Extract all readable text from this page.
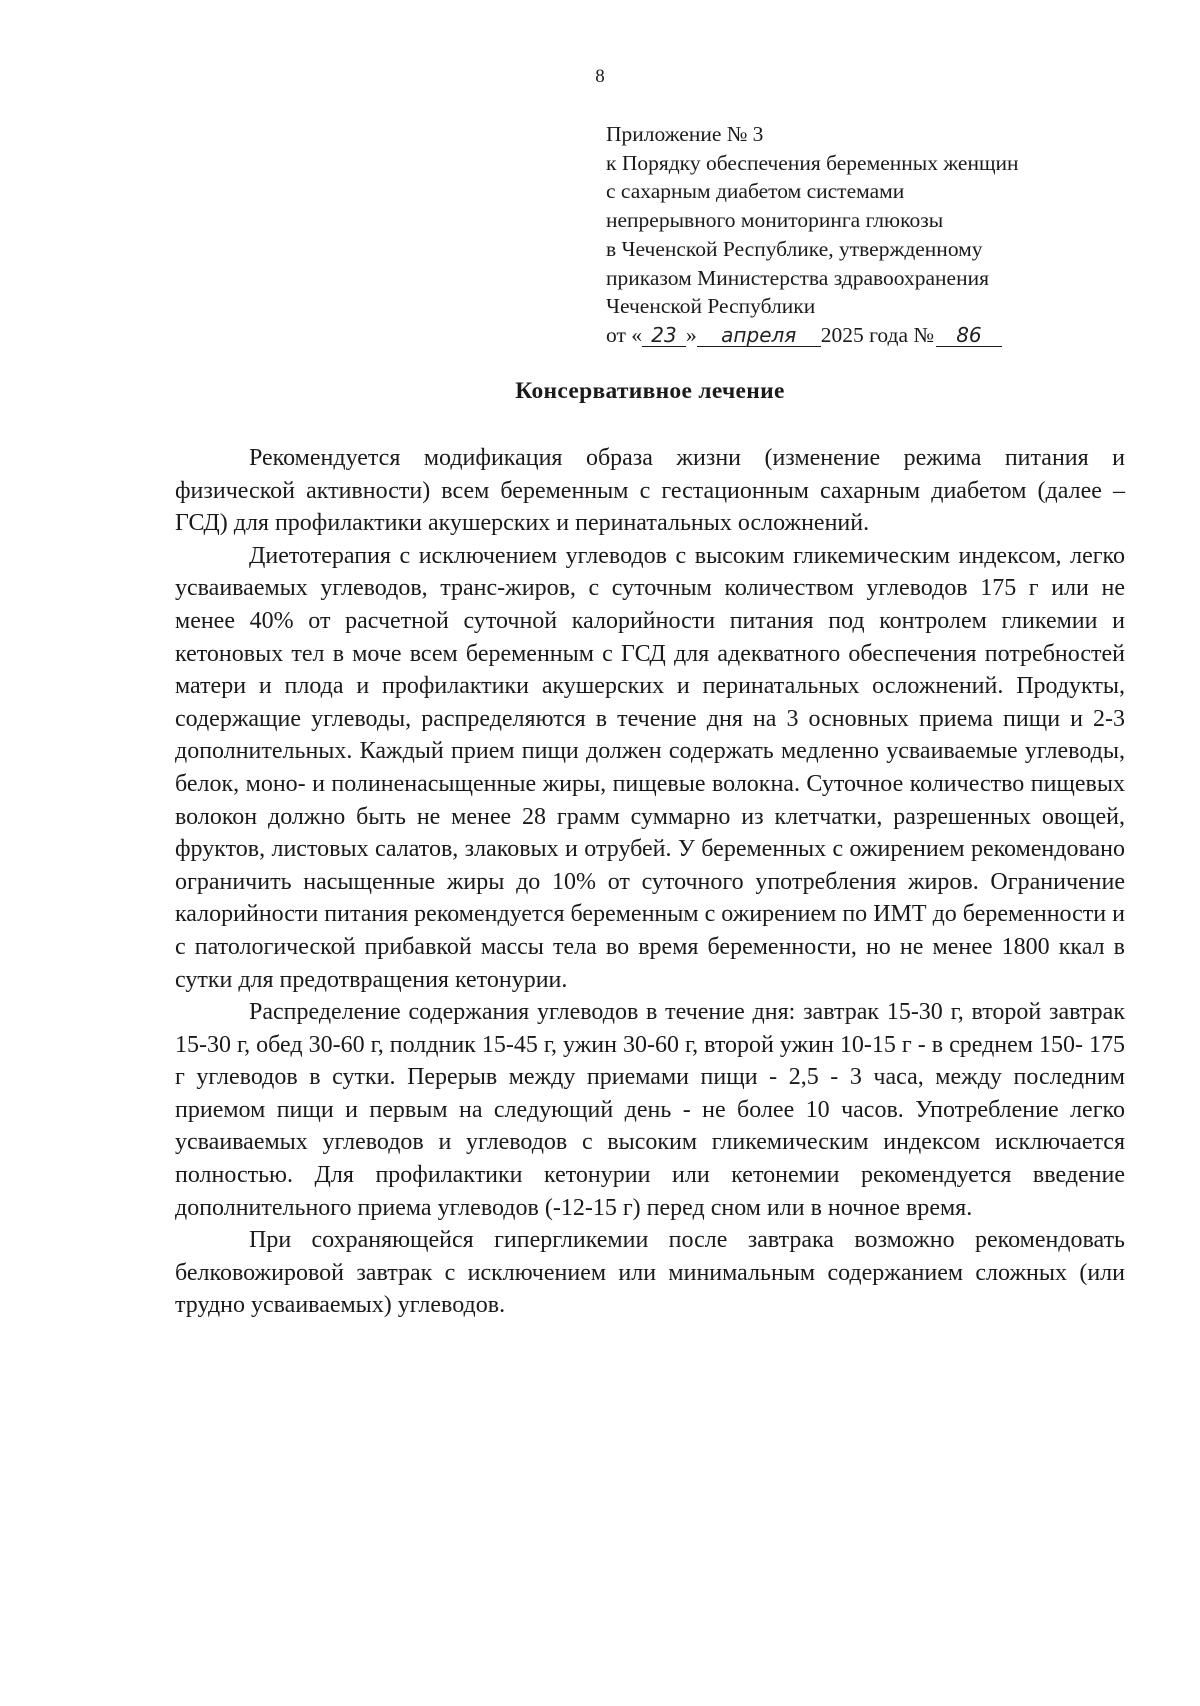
8
Приложение № 3
к Порядку обеспечения беременных женщин
с сахарным диабетом системами
непрерывного мониторинга глюкозы
в Чеченской Республике, утвержденному
приказом Министерства здравоохранения
Чеченской Республики
от « 23 » апреля 2025 года № 86
Консервативное лечение

Рекомендуется модификация образа жизни (изменение режима питания и физической активности) всем беременным с гестационным сахарным диабетом (далее – ГСД) для профилактики акушерских и перинатальных осложнений.

Диетотерапия с исключением углеводов с высоким гликемическим индексом, легко усваиваемых углеводов, транс-жиров, с суточным количеством углеводов 175 г или не менее 40% от расчетной суточной калорийности питания под контролем гликемии и кетоновых тел в моче всем беременным с ГСД для адекватного обеспечения потребностей матери и плода и профилактики акушерских и перинатальных осложнений. Продукты, содержащие углеводы, распределяются в течение дня на 3 основных приема пищи и 2-3 дополнительных. Каждый прием пищи должен содержать медленно усваиваемые углеводы, белок, моно- и полиненасыщенные жиры, пищевые волокна. Суточное количество пищевых волокон должно быть не менее 28 грамм суммарно из клетчатки, разрешенных овощей, фруктов, листовых салатов, злаковых и отрубей. У беременных с ожирением рекомендовано ограничить насыщенные жиры до 10% от суточного употребления жиров. Ограничение калорийности питания рекомендуется беременным с ожирением по ИМТ до беременности и с патологической прибавкой массы тела во время беременности, но не менее 1800 ккал в сутки для предотвращения кетонурии.

Распределение содержания углеводов в течение дня: завтрак 15-30 г, второй завтрак 15-30 г, обед 30-60 г, полдник 15-45 г, ужин 30-60 г, второй ужин 10-15 г - в среднем 150- 175 г углеводов в сутки. Перерыв между приемами пищи - 2,5 - 3 часа, между последним приемом пищи и первым на следующий день - не более 10 часов. Употребление легко усваиваемых углеводов и углеводов с высоким гликемическим индексом исключается полностью. Для профилактики кетонурии или кетонемии рекомендуется введение дополнительного приема углеводов (-12-15 г) перед сном или в ночное время.

При сохраняющейся гипергликемии после завтрака возможно рекомендовать белковожировой завтрак с исключением или минимальным содержанием сложных (или трудно усваиваемых) углеводов.
